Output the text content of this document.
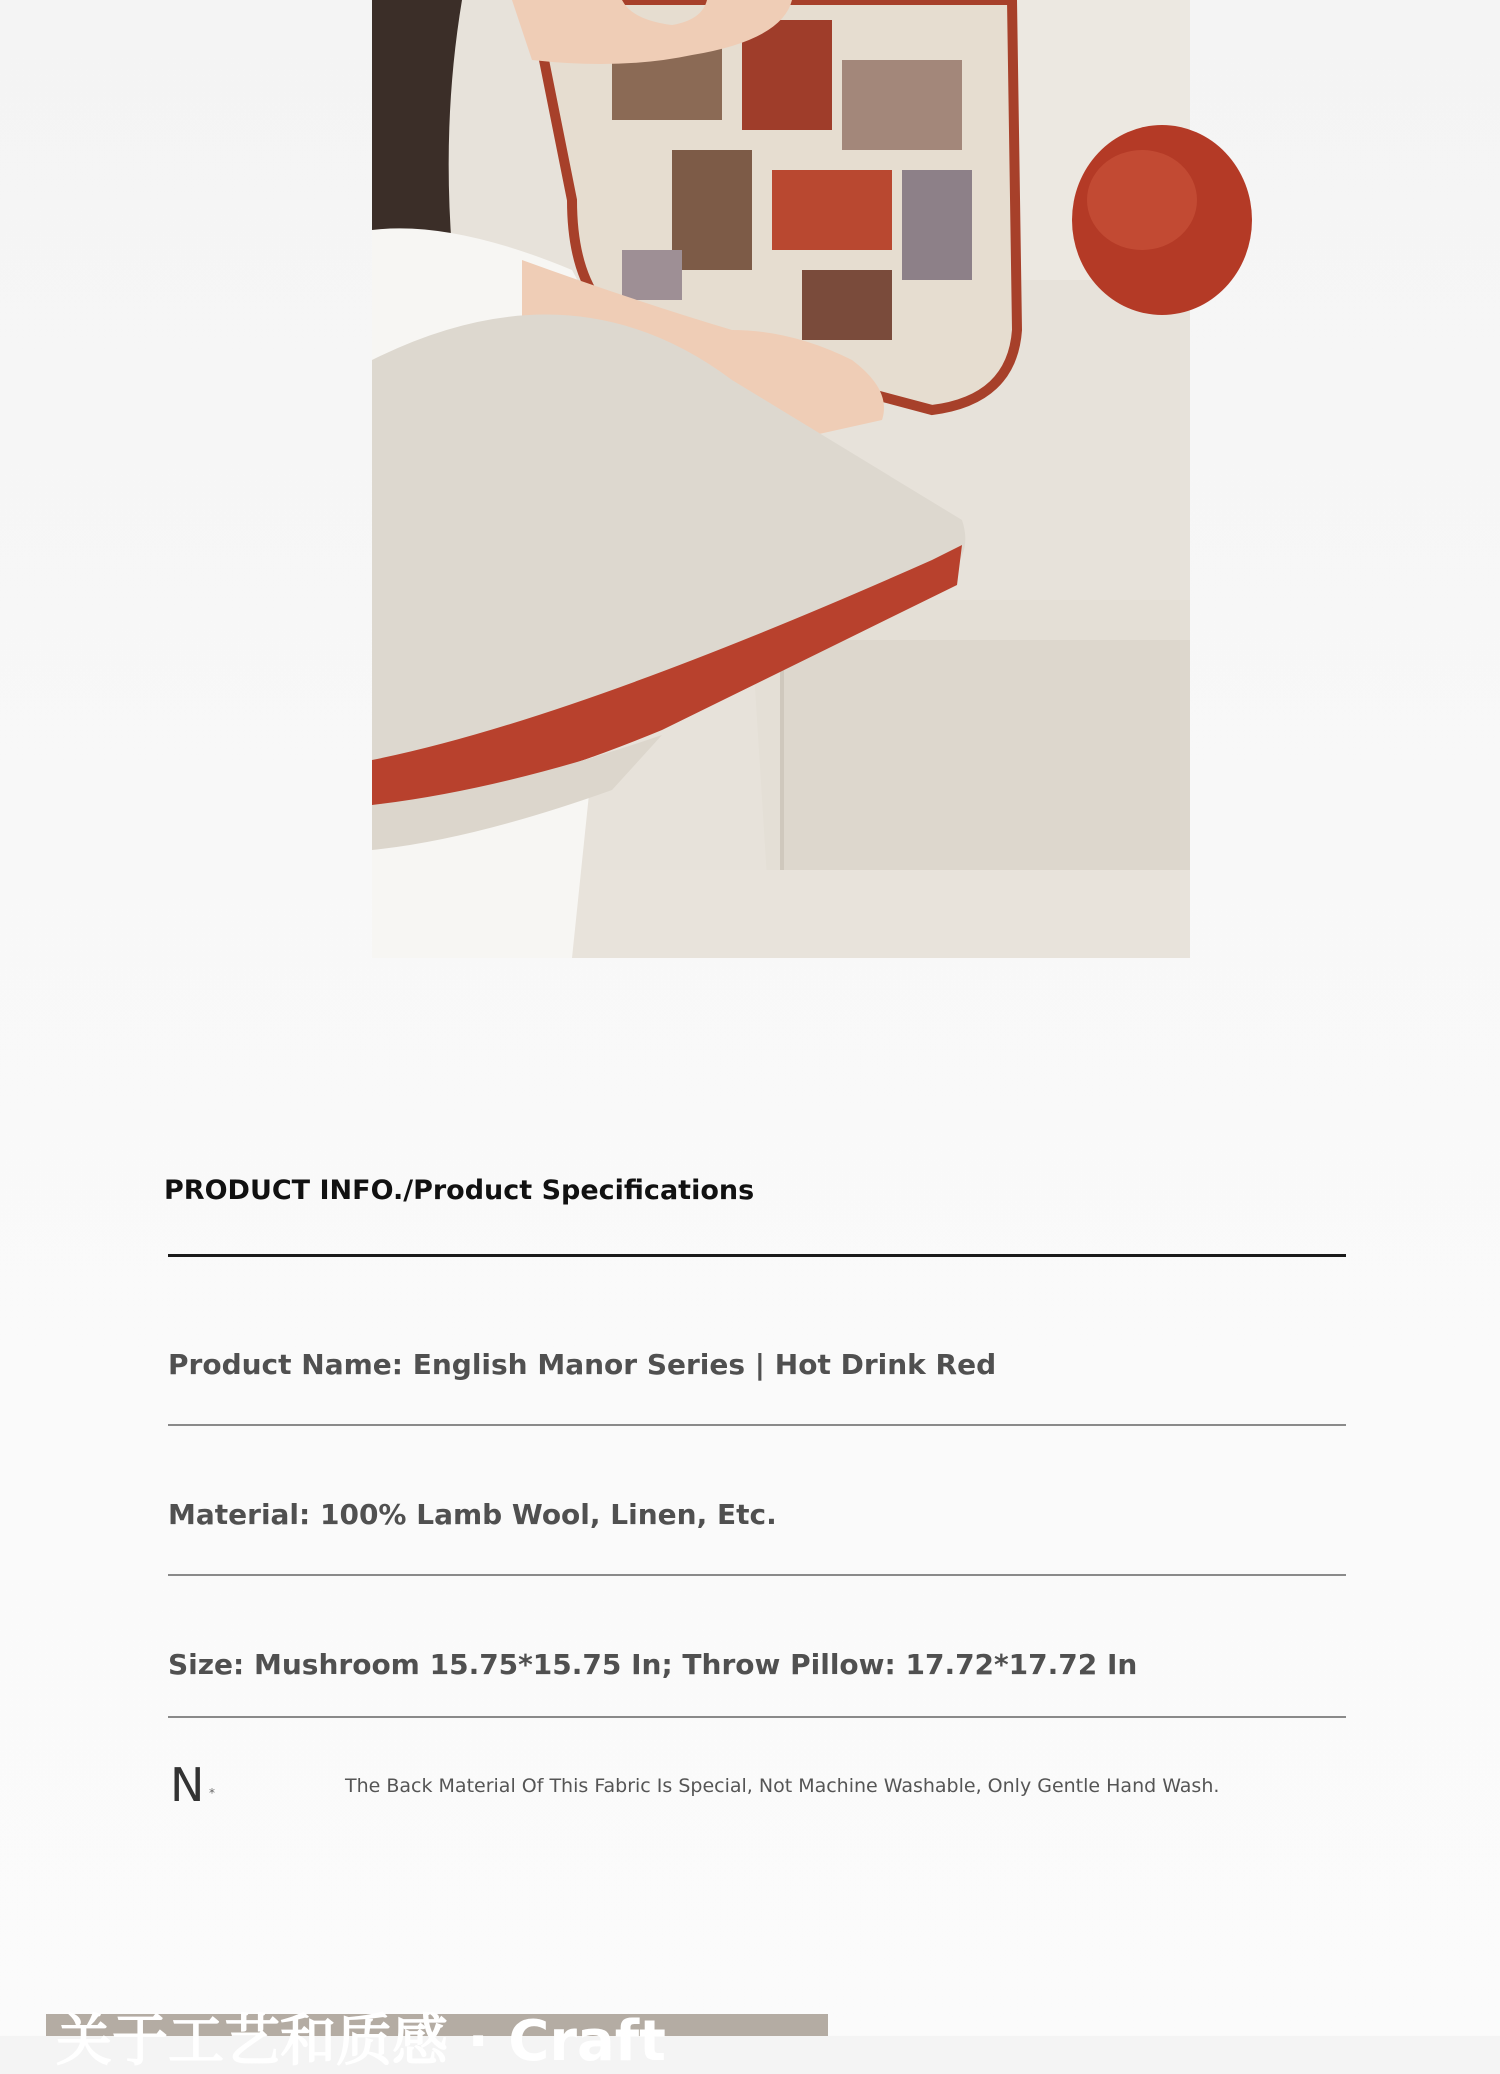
PRODUCT INFO./Product Specifications
Product Name: English Manor Series | Hot Drink Red
Material: 100% Lamb Wool, Linen, Etc.
Size: Mushroom 15.75*15.75 In; Throw Pillow: 17.72*17.72 In
N *	The Back Material Of This Fabric Is Special, Not Machine Washable, Only Gentle Hand Wash.
关于工艺和质感 · Craft
